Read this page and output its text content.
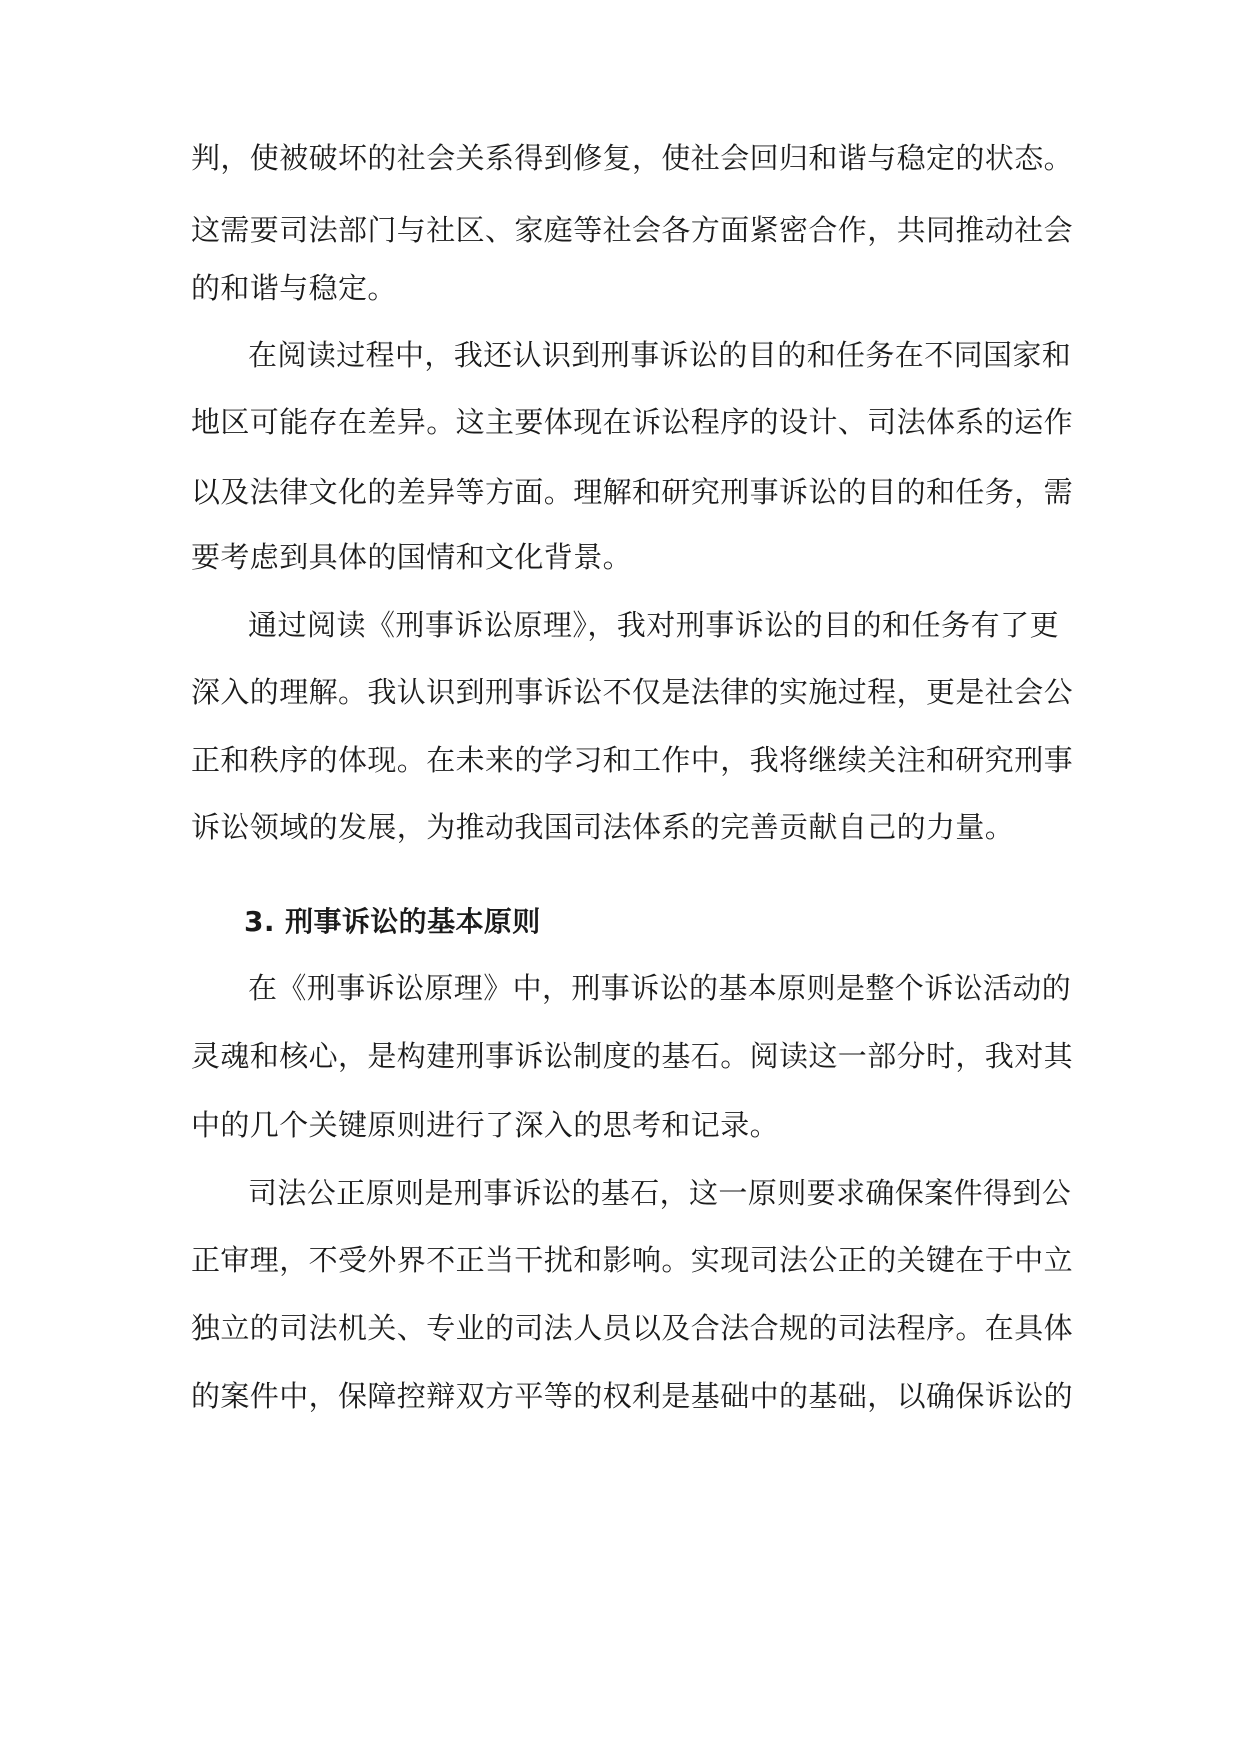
判，使被破坏的社会关系得到修复，使社会回归和谐与稳定的状态。
这需要司法部门与社区、家庭等社会各方面紧密合作，共同推动社会
的和谐与稳定。
在阅读过程中，我还认识到刑事诉讼的目的和任务在不同国家和
地区可能存在差异。这主要体现在诉讼程序的设计、司法体系的运作
以及法律文化的差异等方面。理解和研究刑事诉讼的目的和任务，需
要考虑到具体的国情和文化背景。
通过阅读《刑事诉讼原理》，我对刑事诉讼的目的和任务有了更
深入的理解。我认识到刑事诉讼不仅是法律的实施过程，更是社会公
正和秩序的体现。在未来的学习和工作中，我将继续关注和研究刑事
诉讼领域的发展，为推动我国司法体系的完善贡献自己的力量。
3. 刑事诉讼的基本原则
在《刑事诉讼原理》中，刑事诉讼的基本原则是整个诉讼活动的
灵魂和核心，是构建刑事诉讼制度的基石。阅读这一部分时，我对其
中的几个关键原则进行了深入的思考和记录。
司法公正原则是刑事诉讼的基石，这一原则要求确保案件得到公
正审理，不受外界不正当干扰和影响。实现司法公正的关键在于中立
独立的司法机关、专业的司法人员以及合法合规的司法程序。在具体
的案件中，保障控辩双方平等的权利是基础中的基础，以确保诉讼的
